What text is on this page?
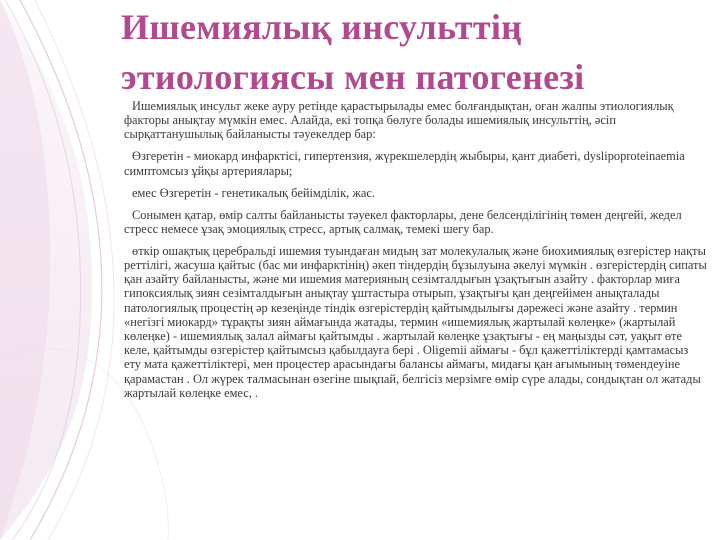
Ишемиялық инсульттің
этиологиясы мен патогенезі
Ишемиялық инсульт жеке ауру ретінде қарастырылады емес болғандықтан, оған жалпы этиологиялық факторы анықтау мүмкін емес. Алайда, екі топқа бөлуге болады ишемиялық инсульттің, әсіп сырқаттанушылық байланысты тәуекелдер бар:
Өзгеретін - миокард инфарктісі, гипертензия, жүрекшелердің жыбыры, қант диабеті, dyslipoproteinaemia симптомсыз ұйқы артериялары;
емес Өзгеретін - генетикалық бейімділік, жас.
Сонымен қатар, өмір салты байланысты тәуекел факторлары, дене белсенділігінің төмен деңгейі, жедел стресс немесе ұзақ эмоциялық стресс, артық салмақ, темекі шегу бар.
өткір ошақтық церебральді ишемия туындаған мидың зат молекулалық және биохимиялық өзгерістер нақты реттілігі, жасуша қайтыс (бас ми инфарктінің) әкеп тіндердің бұзылуына әкелуі мүмкін . өзгерістердің сипаты қан азайту байланысты, және ми ишемия материяның сезімталдығын ұзақтығын азайту . факторлар миға гипоксиялық зиян сезімталдығын анықтау ұштастыра отырып, ұзақтығы қан деңгейімен анықталады патологиялық процестің әр кезеңінде тіндік өзгерістердің қайтымдылығы дәрежесі және азайту . термин «негізгі миокард» тұрақты зиян аймағында жатады, термин «ишемиялық жартылай көлеңке» (жартылай көлеңке) - ишемиялық залал аймағы қайтымды . жартылай көлеңке ұзақтығы - ең маңызды сәт, уақыт өте келе, қайтымды өзгерістер қайтымсыз қабылдауға бері . Oligemii аймағы - бұл қажеттіліктерді қамтамасыз ету мата қажеттіліктері, мен процестер арасындағы балансы аймағы, мидағы қан ағымының төмендеуіне қарамастан . Ол жүрек талмасынан өзегіне шықпай, белгісіз мерзімге өмір сүре алады, сондықтан ол жатады жартылай көлеңке емес, .
